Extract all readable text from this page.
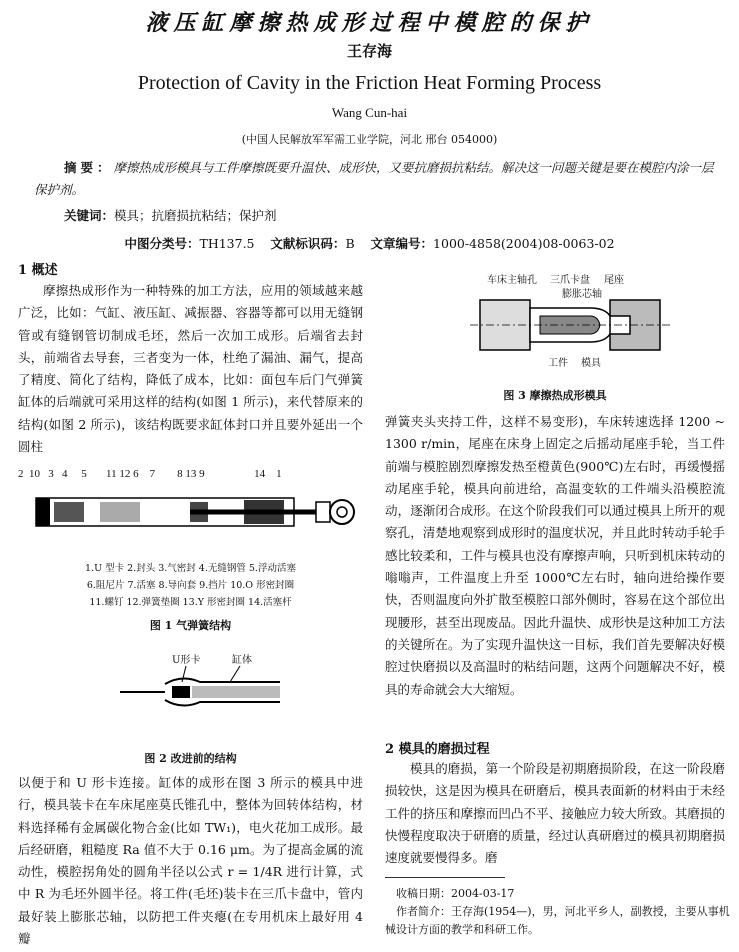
液压缸摩擦热成形过程中模腔的保护
王存海
Protection of Cavity in the Friction Heat Forming Process
Wang Cun-hai
(中国人民解放军军需工业学院，河北 邢台 054000)
摘要：摩擦热成形模具与工件摩擦既要升温快、成形快，又要抗磨损抗粘结。解决这一问题关键是要在模腔内涂一层保护剂。
关键词：模具；抗磨损抗粘结；保护剂
中图分类号：TH137.5 文献标识码：B 文章编号：1000-4858(2004)08-0063-02
1 概述

摩擦热成形作为一种特殊的加工方法，应用的领域越来越广泛，比如：气缸、液压缸、减振器、容器等都可以用无缝钢管或有缝钢管切制成毛坯，然后一次加工成形。后端省去封头，前端省去导套，三者变为一体，杜绝了漏油、漏气，提高了精度、简化了结构，降低了成本，比如：面包车后门气弹簧缸体的后端就可采用这样的结构(如图 1 所示)，来代替原来的结构(如图 2 所示)，该结构既要求缸体封口并且要外延出一个圆柱

2  10   3   4     5       11 12 6    7        8 13 9                  14    1
1.U 型卡 2.封头 3.气密封 4.无缝钢管 5.浮动活塞
6.阻尼片 7.活塞 8.导向套 9.挡片 10.O 形密封圈
11.螺钉 12.弹簧垫圈 13.Y 形密封圈 14.活塞杆
图 1 气弹簧结构
U形卡	缸体
图 2 改进前的结构

以便于和 U 形卡连接。缸体的成形在图 3 所示的模具中进行，模具装卡在车床尾座莫氏锥孔中，整体为回转体结构，材料选择稀有金属碳化物合金(比如 TW₁)，电火花加工成形。最后经研磨，粗糙度 Ra 值不大于 0.16 μm。为了提高金属的流动性，模腔拐角处的圆角半径以公式 r = 1/4R 进行计算，式中 R 为毛坯外圆半径。将工件(毛坯)装卡在三爪卡盘中，管内最好装上膨胀芯轴，以防把工件夹瘪(在专用机床上最好用 4 瓣

车床主轴孔 三爪卡盘 尾座
膨胀芯轴
工件 模具
图 3 摩擦热成形模具

弹簧夹头夹持工件，这样不易变形)，车床转速选择 1200 ~ 1300 r/min，尾座在床身上固定之后摇动尾座手轮，当工件前端与模腔剧烈摩擦发热至橙黄色(900℃)左右时，再缓慢摇动尾座手轮，模具向前进给，高温变软的工件端头沿模腔流动，逐渐闭合成形。在这个阶段我们可以通过模具上所开的观察孔，清楚地观察到成形时的温度状况，并且此时转动手轮手感比较柔和，工件与模具也没有摩擦声响，只听到机床转动的嗡嗡声，工件温度上升至 1000℃左右时，轴向进给操作要快，否则温度向外扩散至模腔口部外侧时，容易在这个部位出现腰形，甚至出现废品。因此升温快、成形快是这种加工方法的关键所在。为了实现升温快这一目标，我们首先要解决好模腔过快磨损以及高温时的粘结问题，这两个问题解决不好，模具的寿命就会大大缩短。

2 模具的磨损过程

模具的磨损，第一个阶段是初期磨损阶段，在这一阶段磨损较快，这是因为模具在研磨后，模具表面新的材料由于未经工件的挤压和摩擦而凹凸不平、接触应力较大所致。其磨损的快慢程度取决于研磨的质量，经过认真研磨过的模具初期磨损速度就要慢得多。磨

收稿日期：2004-03-17
作者简介：王存海(1954—)，男，河北平乡人，副教授，主要从事机械设计方面的教学和科研工作。
